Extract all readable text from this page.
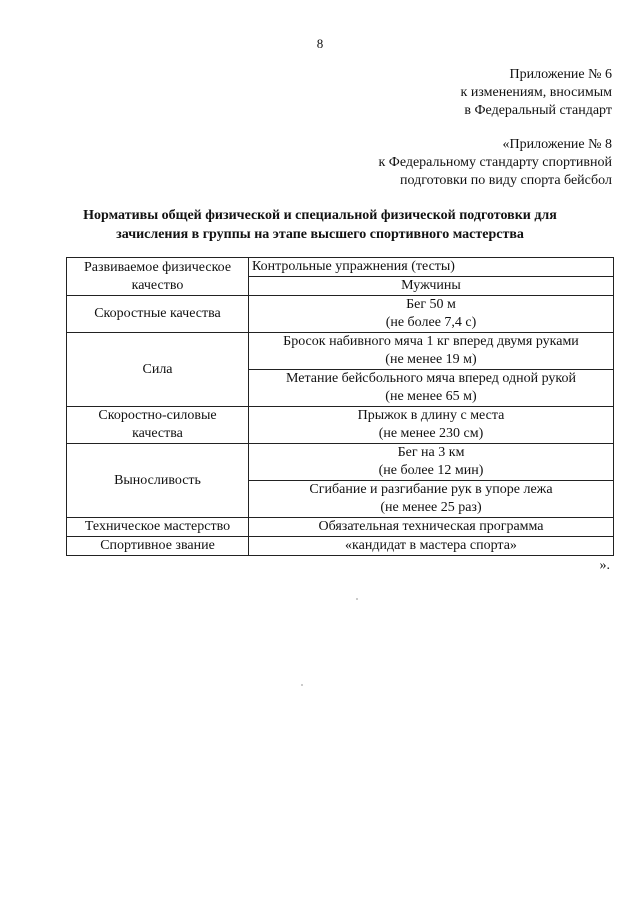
8
Приложение № 6
к изменениям, вносимым
в Федеральный стандарт
«Приложение № 8
к Федеральному стандарту спортивной
подготовки по виду спорта бейсбол
Нормативы общей физической и специальной физической подготовки для
зачисления в группы на этапе высшего спортивного мастерства
Развиваемое физическое качество	Контрольные упражнения (тесты)
	Мужчины
Скоростные качества	Бег 50 м
(не более 7,4 с)

Сила	Бросок набивного мяча 1 кг вперед двумя руками
(не менее 19 м)

	Метание бейсбольного мяча вперед одной рукой
(не менее 65 м)

Скоростно-силовые качества	Прыжок в длину с места
(не менее 230 см)

Выносливость	Бег на 3 км
(не более 12 мин)

	Сгибание и разгибание рук в упоре лежа
(не менее 25 раз)

Техническое мастерство	Обязательная техническая программа
Спортивное звание	«кандидат в мастера спорта»
».
